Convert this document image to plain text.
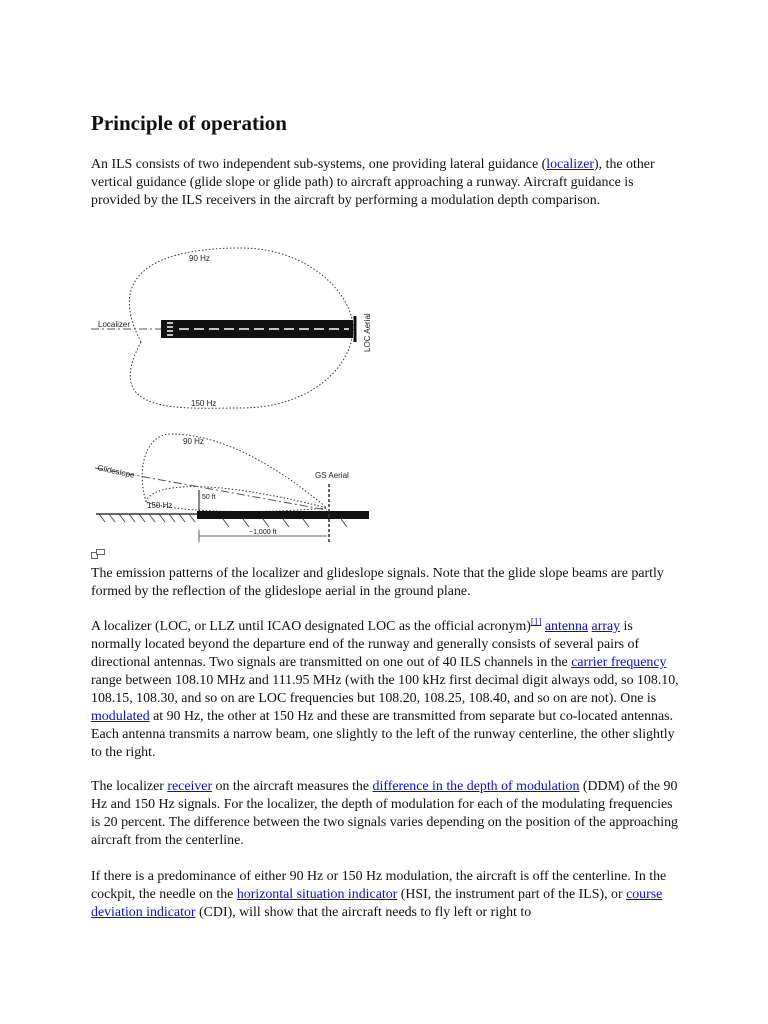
Principle of operation

An ILS consists of two independent sub-systems, one providing lateral guidance (localizer), the other vertical guidance (glide slope or glide path) to aircraft approaching a runway. Aircraft guidance is provided by the ILS receivers in the aircraft by performing a modulation depth comparison.

90 Hz
150 Hz
Localizer	LOC Aerial
90 Hz
150 Hz
Glideslope	GS Aerial
50 ft
~1,000 ft

The emission patterns of the localizer and glideslope signals. Note that the glide slope beams are partly formed by the reflection of the glideslope aerial in the ground plane.

A localizer (LOC, or LLZ until ICAO designated LOC as the official acronym)[1] antenna array is normally located beyond the departure end of the runway and generally consists of several pairs of directional antennas. Two signals are transmitted on one out of 40 ILS channels in the carrier frequency range between 108.10 MHz and 111.95 MHz (with the 100 kHz first decimal digit always odd, so 108.10, 108.15, 108.30, and so on are LOC frequencies but 108.20, 108.25, 108.40, and so on are not). One is modulated at 90 Hz, the other at 150 Hz and these are transmitted from separate but co-located antennas. Each antenna transmits a narrow beam, one slightly to the left of the runway centerline, the other slightly to the right.

The localizer receiver on the aircraft measures the difference in the depth of modulation (DDM) of the 90 Hz and 150 Hz signals. For the localizer, the depth of modulation for each of the modulating frequencies is 20 percent. The difference between the two signals varies depending on the position of the approaching aircraft from the centerline.

If there is a predominance of either 90 Hz or 150 Hz modulation, the aircraft is off the centerline. In the cockpit, the needle on the horizontal situation indicator (HSI, the instrument part of the ILS), or course deviation indicator (CDI), will show that the aircraft needs to fly left or right to
